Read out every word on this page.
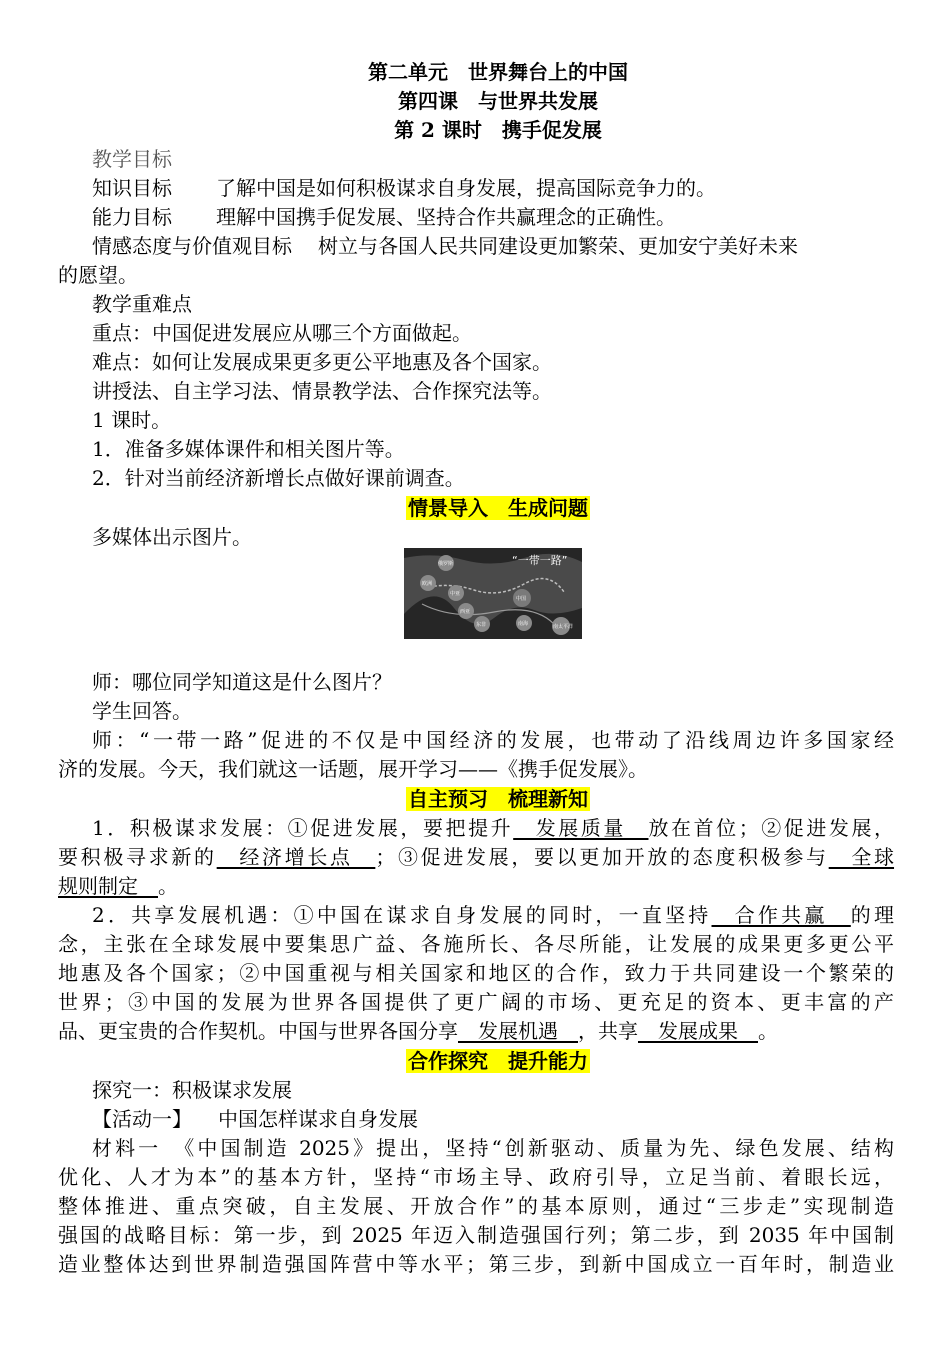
第二单元　世界舞台上的中国
第四课　与世界共发展
第 2 课时　携手促发展
教学目标
知识目标 了解中国是如何积极谋求自身发展，提高国际竞争力的。
能力目标 理解中国携手促发展、坚持合作共赢理念的正确性。
情感态度与价值观目标 树立与各国人民共同建设更加繁荣、更加安宁美好未来
的愿望。
教学重难点
重点：中国促进发展应从哪三个方面做起。
难点：如何让发展成果更多更公平地惠及各个国家。
讲授法、自主学习法、情景教学法、合作探究法等。
1 课时。
1．准备多媒体课件和相关图片等。
2．针对当前经济新增长点做好课前调查。
情景导入　生成问题
多媒体出示图片。
师：哪位同学知道这是什么图片？
学生回答。
师：“一带一路”促进的不仅是中国经济的发展，也带动了沿线周边许多国家经
济的发展。今天，我们就这一话题，展开学习——《携手促发展》。
自主预习　梳理新知
1．积极谋求发展：①促进发展，要把提升　发展质量　放在首位；②促进发展，
要积极寻求新的　经济增长点　；③促进发展，要以更加开放的态度积极参与　全球
规则制定　。
2．共享发展机遇：①中国在谋求自身发展的同时，一直坚持　合作共赢　的理
念，主张在全球发展中要集思广益、各施所长、各尽所能，让发展的成果更多更公平
地惠及各个国家；②中国重视与相关国家和地区的合作，致力于共同建设一个繁荣的
世界；③中国的发展为世界各国提供了更广阔的市场、更充足的资本、更丰富的产
品、更宝贵的合作契机。中国与世界各国分享　发展机遇　，共享　发展成果　。
合作探究　提升能力
探究一：积极谋求发展
【活动一】 中国怎样谋求自身发展
材料一　《中国制造 2025》提出，坚持“创新驱动、质量为先、绿色发展、结构
优化、人才为本”的基本方针，坚持“市场主导、政府引导，立足当前、着眼长远，
整体推进、重点突破，自主发展、开放合作”的基本原则，通过“三步走”实现制造
强国的战略目标：第一步，到 2025 年迈入制造强国行列；第二步，到 2035 年中国制
造业整体达到世界制造强国阵营中等水平；第三步，到新中国成立一百年时，制造业
“一带一路”
俄罗斯
欧洲
中亚
西亚
中国
南海
东非	南太平洋
